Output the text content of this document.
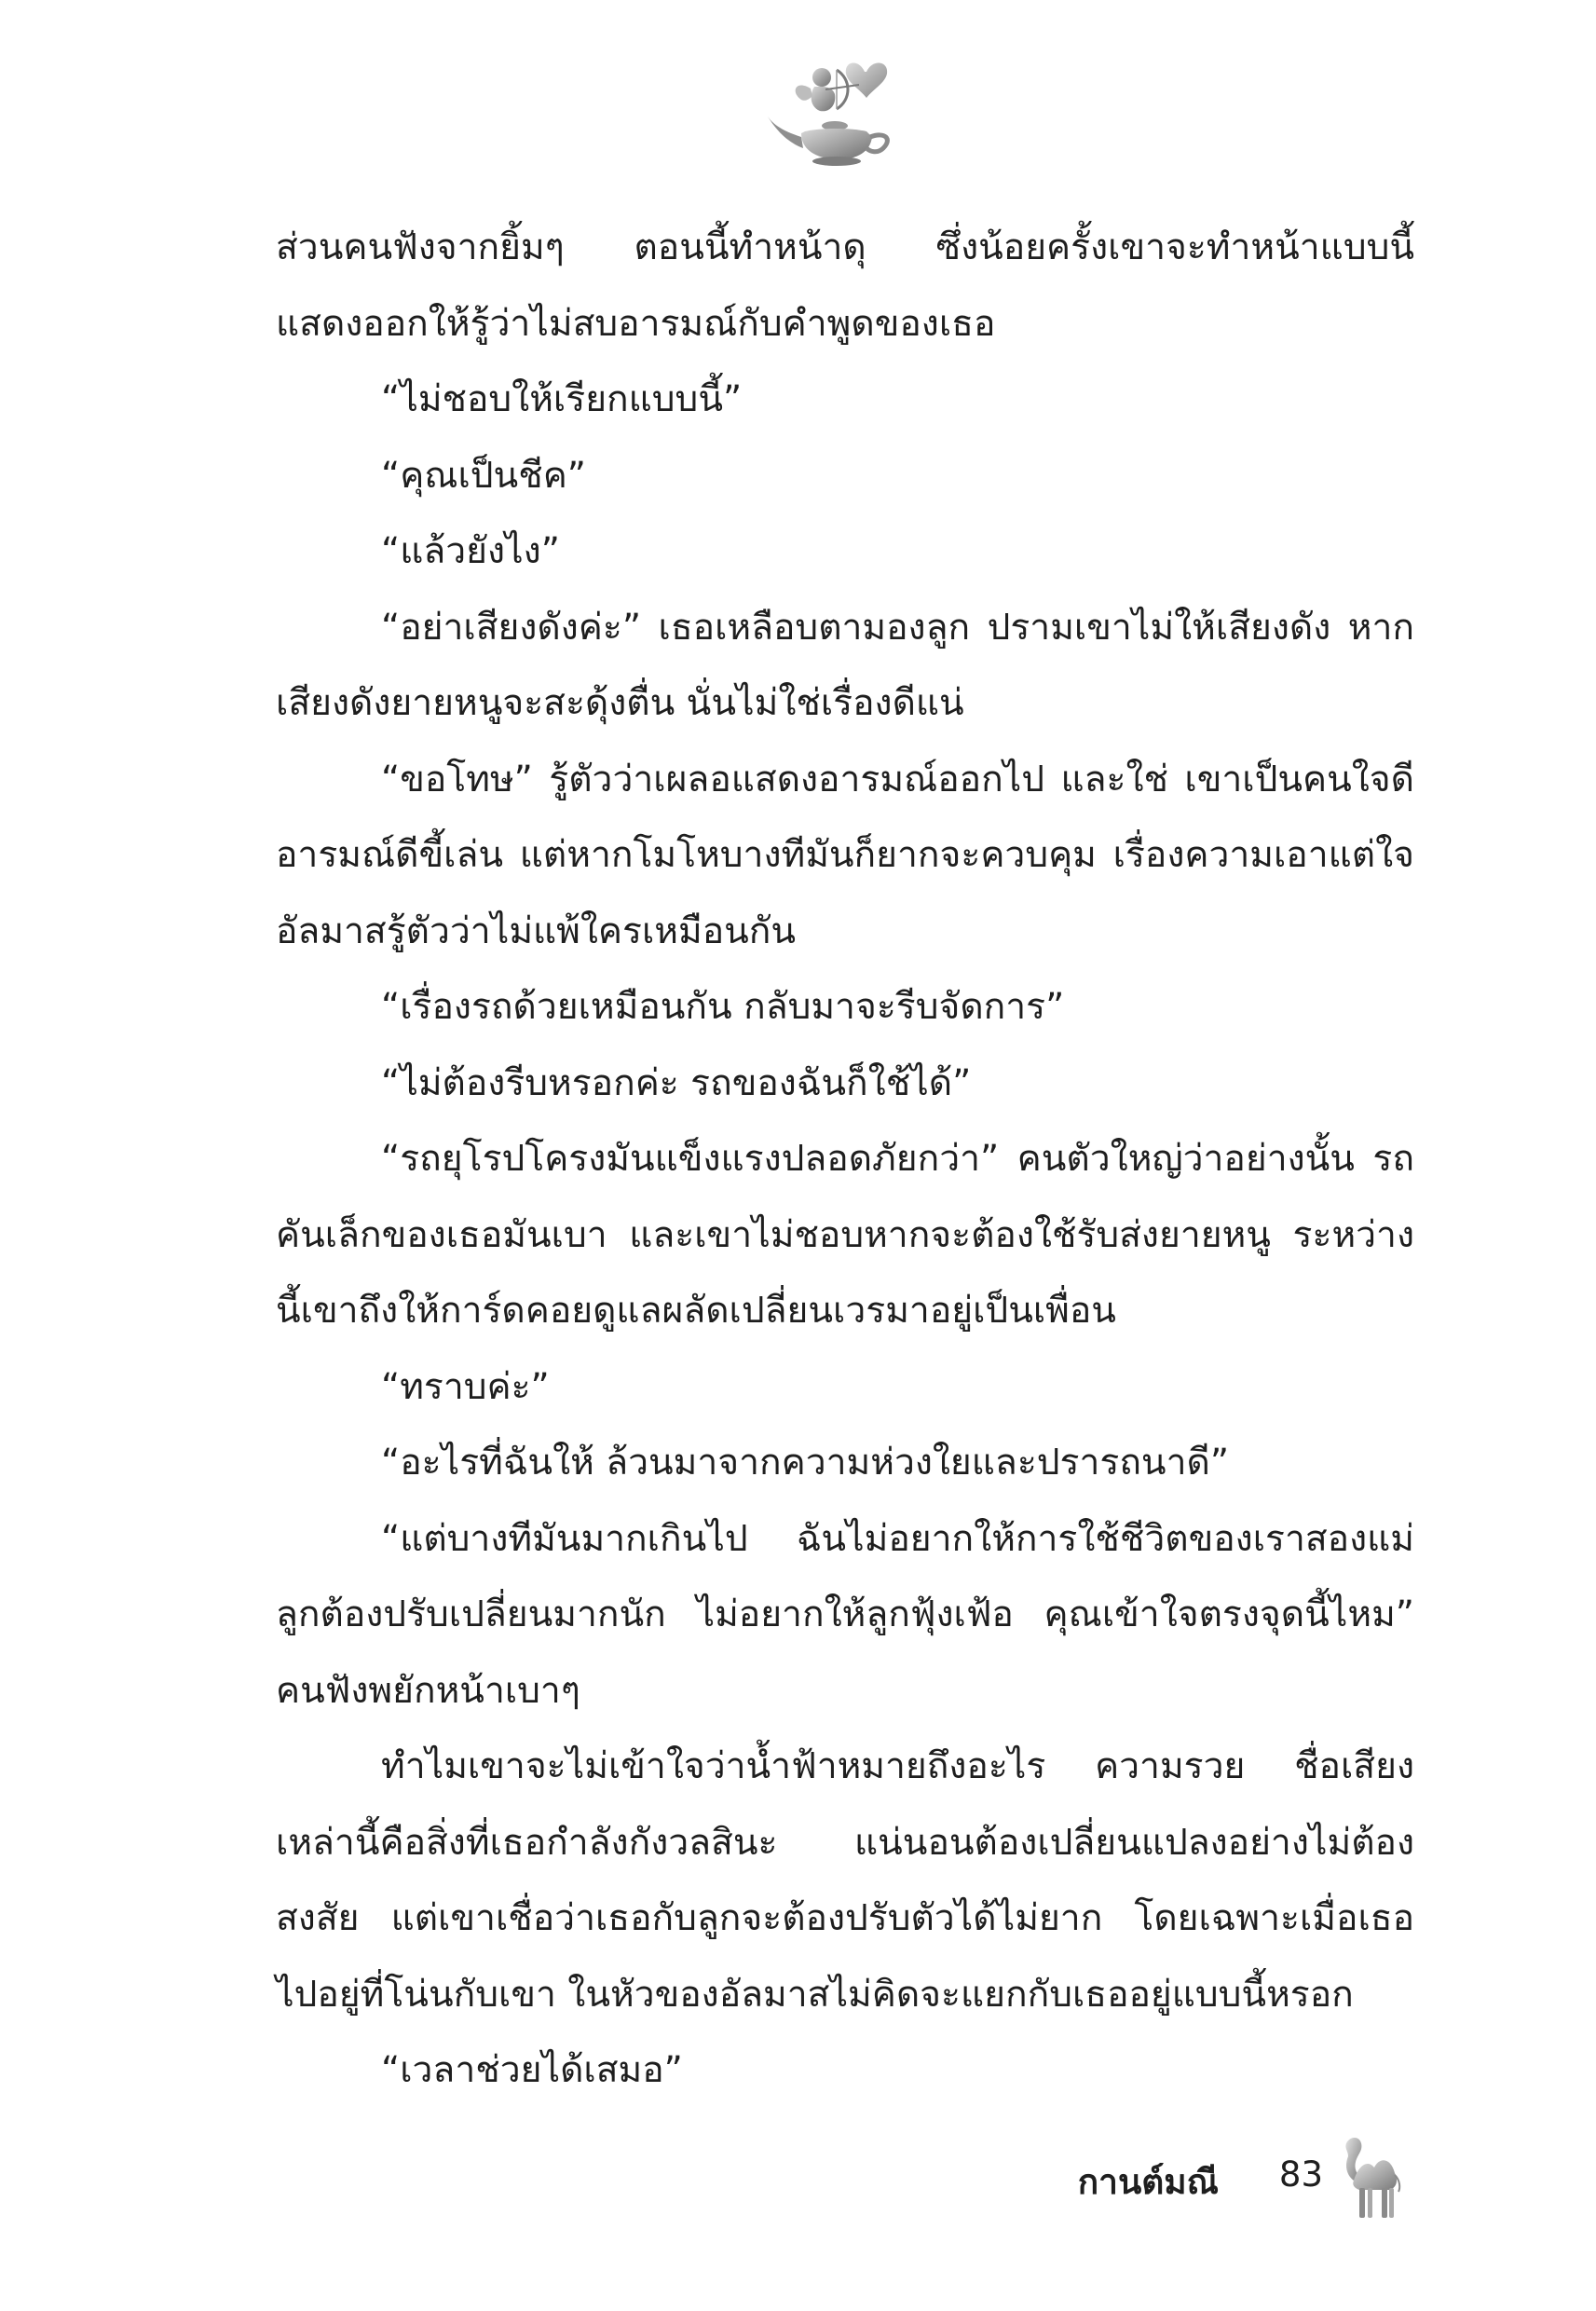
ส่วนคนฟังจากยิ้มๆ ตอนนี้ทำหน้าดุ ซึ่งน้อยครั้งเขาจะทำหน้าแบบนี้ แสดงออกให้รู้ว่าไม่สบอารมณ์กับคำพูดของเธอ

“ไม่ชอบให้เรียกแบบนี้”

“คุณเป็นชีค”

“แล้วยังไง”

“อย่าเสียงดังค่ะ” เธอเหลือบตามองลูก ปรามเขาไม่ให้เสียงดัง หากเสียงดังยายหนูจะสะดุ้งตื่น นั่นไม่ใช่เรื่องดีแน่

“ขอโทษ” รู้ตัวว่าเผลอแสดงอารมณ์ออกไป และใช่ เขาเป็นคนใจดี อารมณ์ดีขี้เล่น แต่หากโมโหบางทีมันก็ยากจะควบคุม เรื่องความเอาแต่ใจอัลมาสรู้ตัวว่าไม่แพ้ใครเหมือนกัน

“เรื่องรถด้วยเหมือนกัน กลับมาจะรีบจัดการ”

“ไม่ต้องรีบหรอกค่ะ รถของฉันก็ใช้ได้”

“รถยุโรปโครงมันแข็งแรงปลอดภัยกว่า” คนตัวใหญ่ว่าอย่างนั้น รถคันเล็กของเธอมันเบา และเขาไม่ชอบหากจะต้องใช้รับส่งยายหนู ระหว่างนี้เขาถึงให้การ์ดคอยดูแลผลัดเปลี่ยนเวรมาอยู่เป็นเพื่อน

“ทราบค่ะ”

“อะไรที่ฉันให้ ล้วนมาจากความห่วงใยและปรารถนาดี”

“แต่บางทีมันมากเกินไป ฉันไม่อยากให้การใช้ชีวิตของเราสองแม่ลูกต้องปรับเปลี่ยนมากนัก ไม่อยากให้ลูกฟุ้งเฟ้อ คุณเข้าใจตรงจุดนี้ไหม” คนฟังพยักหน้าเบาๆ

ทำไมเขาจะไม่เข้าใจว่าน้ำฟ้าหมายถึงอะไร ความรวย ชื่อเสียงเหล่านี้คือสิ่งที่เธอกำลังกังวลสินะ แน่นอนต้องเปลี่ยนแปลงอย่างไม่ต้องสงสัย แต่เขาเชื่อว่าเธอกับลูกจะต้องปรับตัวได้ไม่ยาก โดยเฉพาะเมื่อเธอไปอยู่ที่โน่นกับเขา ในหัวของอัลมาสไม่คิดจะแยกกับเธออยู่แบบนี้หรอก

“เวลาช่วยได้เสมอ”

กานต์มณี 83
